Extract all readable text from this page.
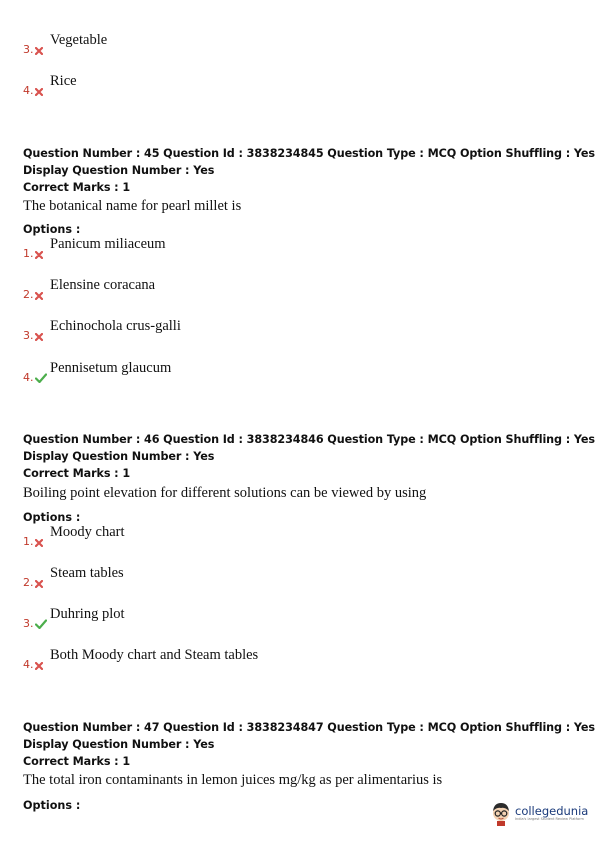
3.
Vegetable
4.
Rice
Question Number : 45 Question Id : 3838234845 Question Type : MCQ Option Shuffling : Yes
Display Question Number : Yes
Correct Marks : 1
The botanical name for pearl millet is
Options :
1.
Panicum miliaceum
2.
Elensine coracana
3.
Echinochola crus-galli
4.
Pennisetum glaucum
Question Number : 46 Question Id : 3838234846 Question Type : MCQ Option Shuffling : Yes
Display Question Number : Yes
Correct Marks : 1
Boiling point elevation for different solutions can be viewed by using
Options :
1.
Moody chart
2.
Steam tables
3.
Duhring plot
4.
Both Moody chart and Steam tables
Question Number : 47 Question Id : 3838234847 Question Type : MCQ Option Shuffling : Yes
Display Question Number : Yes
Correct Marks : 1
The total iron contaminants in lemon juices mg/kg as per alimentarius is
Options :	collegedunia
India's largest Student Review Platform
